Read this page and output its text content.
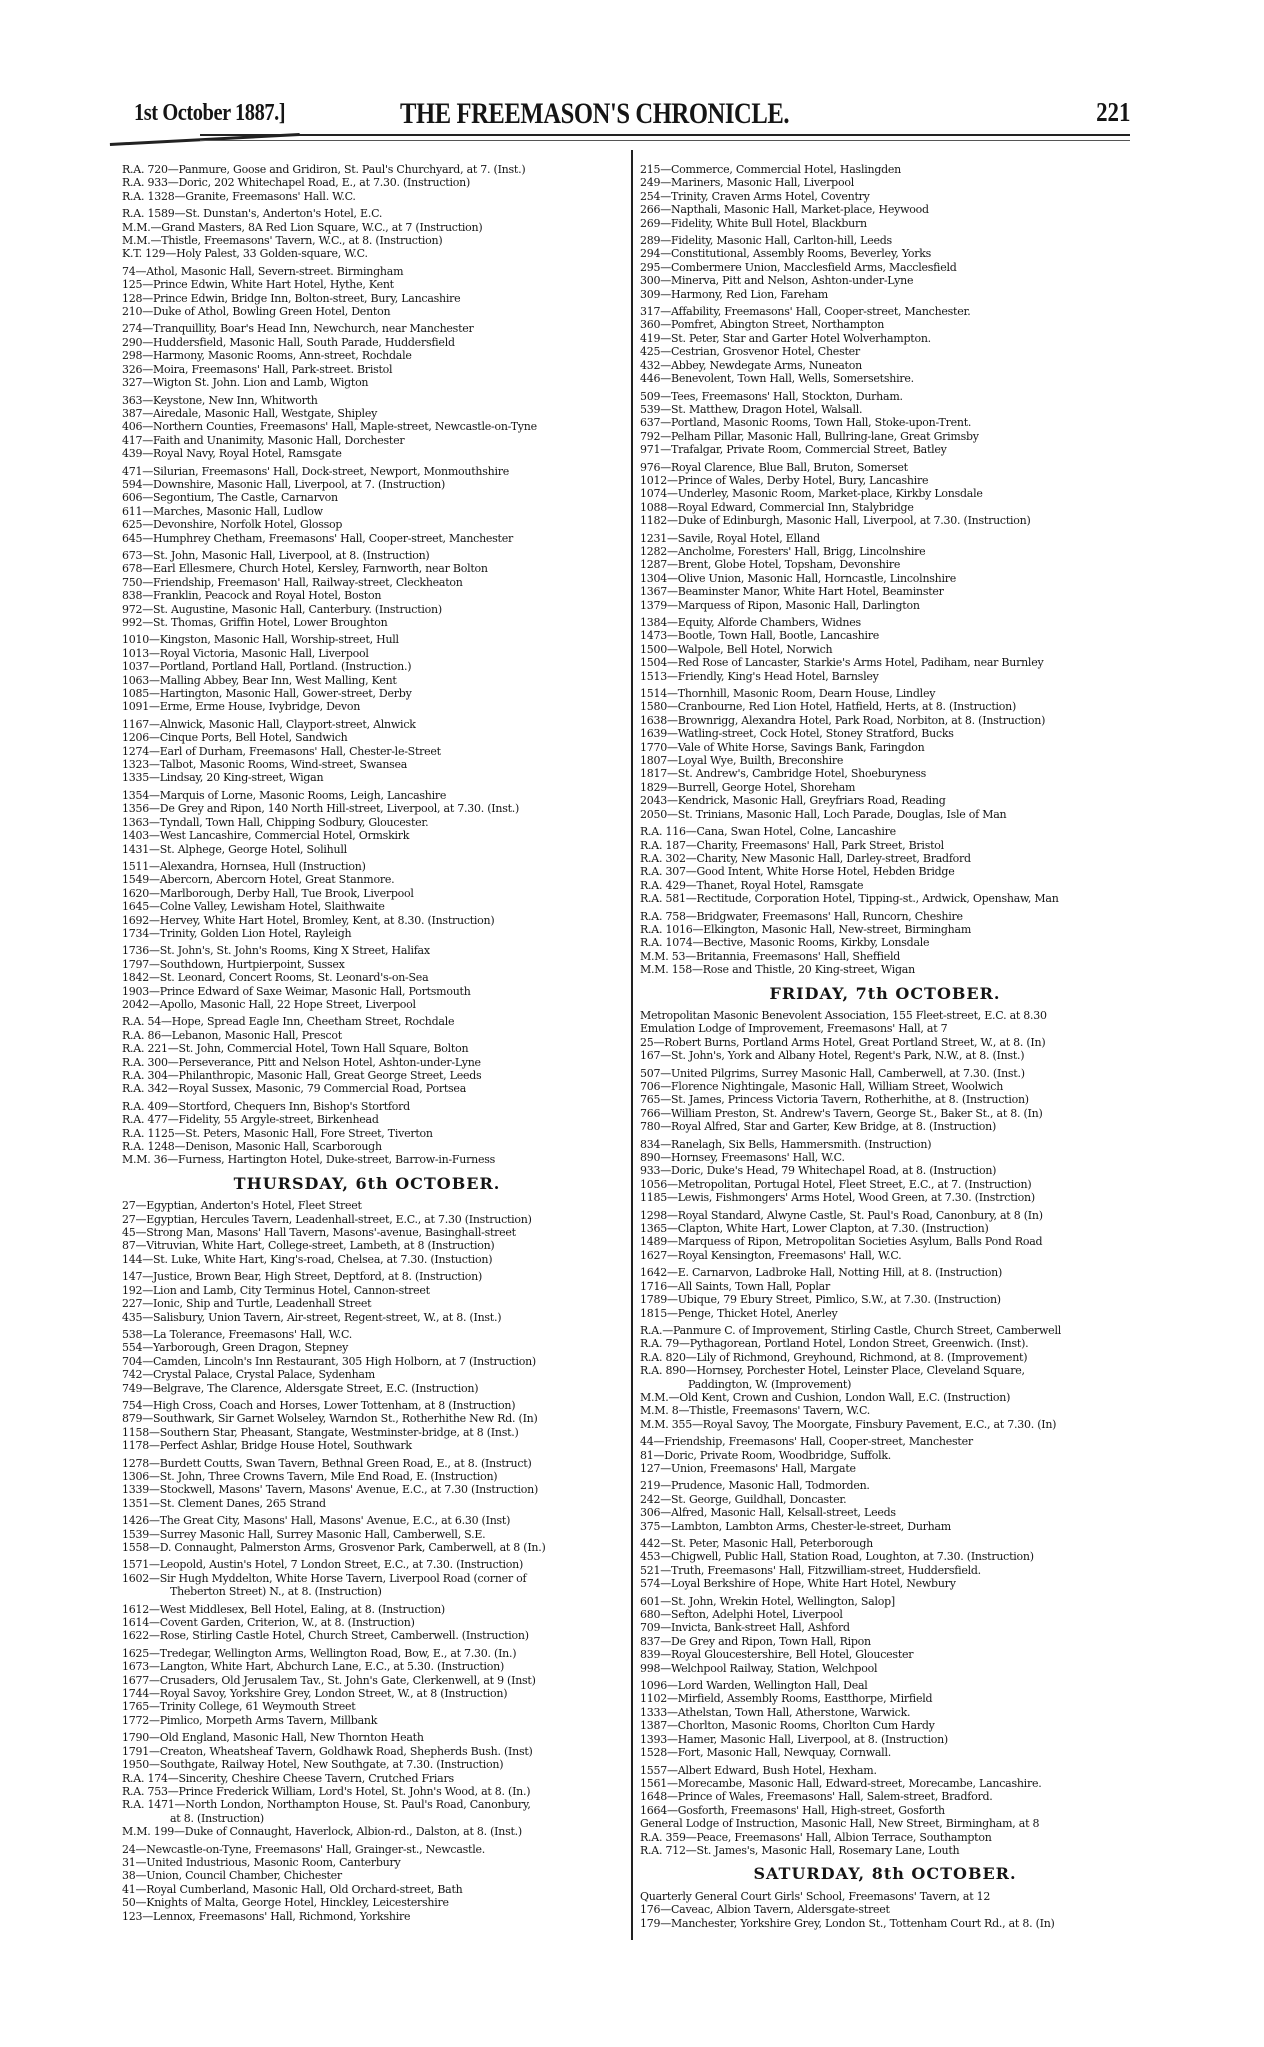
1st October 1887.]	THE FREEMASON'S CHRONICLE.	221
R.A. 720—Panmure, Goose and Gridiron, St. Paul's Churchyard, at 7. (Inst.)
R.A. 933—Doric, 202 Whitechapel Road, E., at 7.30. (Instruction)
R.A. 1328—Granite, Freemasons' Hall. W.C.
R.A. 1589—St. Dunstan's, Anderton's Hotel, E.C.
M.M.—Grand Masters, 8A Red Lion Square, W.C., at 7 (Instruction)
M.M.—Thistle, Freemasons' Tavern, W.C., at 8. (Instruction)
K.T. 129—Holy Palest, 33 Golden-square, W.C.
74—Athol, Masonic Hall, Severn-street. Birmingham
125—Prince Edwin, White Hart Hotel, Hythe, Kent
128—Prince Edwin, Bridge Inn, Bolton-street, Bury, Lancashire
210—Duke of Athol, Bowling Green Hotel, Denton
274—Tranquillity, Boar's Head Inn, Newchurch, near Manchester
290—Huddersfield, Masonic Hall, South Parade, Huddersfield
298—Harmony, Masonic Rooms, Ann-street, Rochdale
326—Moira, Freemasons' Hall, Park-street. Bristol
327—Wigton St. John. Lion and Lamb, Wigton
363—Keystone, New Inn, Whitworth
387—Airedale, Masonic Hall, Westgate, Shipley
406—Northern Counties, Freemasons' Hall, Maple-street, Newcastle-on-Tyne
417—Faith and Unanimity, Masonic Hall, Dorchester
439—Royal Navy, Royal Hotel, Ramsgate
471—Silurian, Freemasons' Hall, Dock-street, Newport, Monmouthshire
594—Downshire, Masonic Hall, Liverpool, at 7. (Instruction)
606—Segontium, The Castle, Carnarvon
611—Marches, Masonic Hall, Ludlow
625—Devonshire, Norfolk Hotel, Glossop
645—Humphrey Chetham, Freemasons' Hall, Cooper-street, Manchester
673—St. John, Masonic Hall, Liverpool, at 8. (Instruction)
678—Earl Ellesmere, Church Hotel, Kersley, Farnworth, near Bolton
750—Friendship, Freemason' Hall, Railway-street, Cleckheaton
838—Franklin, Peacock and Royal Hotel, Boston
972—St. Augustine, Masonic Hall, Canterbury. (Instruction)
992—St. Thomas, Griffin Hotel, Lower Broughton
1010—Kingston, Masonic Hall, Worship-street, Hull
1013—Royal Victoria, Masonic Hall, Liverpool
1037—Portland, Portland Hall, Portland. (Instruction.)
1063—Malling Abbey, Bear Inn, West Malling, Kent
1085—Hartington, Masonic Hall, Gower-street, Derby
1091—Erme, Erme House, Ivybridge, Devon
1167—Alnwick, Masonic Hall, Clayport-street, Alnwick
1206—Cinque Ports, Bell Hotel, Sandwich
1274—Earl of Durham, Freemasons' Hall, Chester-le-Street
1323—Talbot, Masonic Rooms, Wind-street, Swansea
1335—Lindsay, 20 King-street, Wigan
1354—Marquis of Lorne, Masonic Rooms, Leigh, Lancashire
1356—De Grey and Ripon, 140 North Hill-street, Liverpool, at 7.30. (Inst.)
1363—Tyndall, Town Hall, Chipping Sodbury, Gloucester.
1403—West Lancashire, Commercial Hotel, Ormskirk
1431—St. Alphege, George Hotel, Solihull
1511—Alexandra, Hornsea, Hull (Instruction)
1549—Abercorn, Abercorn Hotel, Great Stanmore.
1620—Marlborough, Derby Hall, Tue Brook, Liverpool
1645—Colne Valley, Lewisham Hotel, Slaithwaite
1692—Hervey, White Hart Hotel, Bromley, Kent, at 8.30. (Instruction)
1734—Trinity, Golden Lion Hotel, Rayleigh
1736—St. John's, St. John's Rooms, King X Street, Halifax
1797—Southdown, Hurtpierpoint, Sussex
1842—St. Leonard, Concert Rooms, St. Leonard's-on-Sea
1903—Prince Edward of Saxe Weimar, Masonic Hall, Portsmouth
2042—Apollo, Masonic Hall, 22 Hope Street, Liverpool
R.A. 54—Hope, Spread Eagle Inn, Cheetham Street, Rochdale
R.A. 86—Lebanon, Masonic Hall, Prescot
R.A. 221—St. John, Commercial Hotel, Town Hall Square, Bolton
R.A. 300—Perseverance, Pitt and Nelson Hotel, Ashton-under-Lyne
R.A. 304—Philanthropic, Masonic Hall, Great George Street, Leeds
R.A. 342—Royal Sussex, Masonic, 79 Commercial Road, Portsea
R.A. 409—Stortford, Chequers Inn, Bishop's Stortford
R.A. 477—Fidelity, 55 Argyle-street, Birkenhead
R.A. 1125—St. Peters, Masonic Hall, Fore Street, Tiverton
R.A. 1248—Denison, Masonic Hall, Scarborough
M.M. 36—Furness, Hartington Hotel, Duke-street, Barrow-in-Furness
THURSDAY, 6th OCTOBER.
27—Egyptian, Anderton's Hotel, Fleet Street
27—Egyptian, Hercules Tavern, Leadenhall-street, E.C., at 7.30 (Instruction)
45—Strong Man, Masons' Hall Tavern, Masons'-avenue, Basinghall-street
87—Vitruvian, White Hart, College-street, Lambeth, at 8 (Instruction)
144—St. Luke, White Hart, King's-road, Chelsea, at 7.30. (Instuction)
147—Justice, Brown Bear, High Street, Deptford, at 8. (Instruction)
192—Lion and Lamb, City Terminus Hotel, Cannon-street
227—Ionic, Ship and Turtle, Leadenhall Street
435—Salisbury, Union Tavern, Air-street, Regent-street, W., at 8. (Inst.)
538—La Tolerance, Freemasons' Hall, W.C.
554—Yarborough, Green Dragon, Stepney
704—Camden, Lincoln's Inn Restaurant, 305 High Holborn, at 7 (Instruction)
742—Crystal Palace, Crystal Palace, Sydenham
749—Belgrave, The Clarence, Aldersgate Street, E.C. (Instruction)
754—High Cross, Coach and Horses, Lower Tottenham, at 8 (Instruction)
879—Southwark, Sir Garnet Wolseley, Warndon St., Rotherhithe New Rd. (In)
1158—Southern Star, Pheasant, Stangate, Westminster-bridge, at 8 (Inst.)
1178—Perfect Ashlar, Bridge House Hotel, Southwark
1278—Burdett Coutts, Swan Tavern, Bethnal Green Road, E., at 8. (Instruct)
1306—St. John, Three Crowns Tavern, Mile End Road, E. (Instruction)
1339—Stockwell, Masons' Tavern, Masons' Avenue, E.C., at 7.30 (Instruction)
1351—St. Clement Danes, 265 Strand
1426—The Great City, Masons' Hall, Masons' Avenue, E.C., at 6.30 (Inst)
1539—Surrey Masonic Hall, Surrey Masonic Hall, Camberwell, S.E.
1558—D. Connaught, Palmerston Arms, Grosvenor Park, Camberwell, at 8 (In.)
1571—Leopold, Austin's Hotel, 7 London Street, E.C., at 7.30. (Instruction)
1602—Sir Hugh Myddelton, White Horse Tavern, Liverpool Road (corner of
Theberton Street) N., at 8. (Instruction)
1612—West Middlesex, Bell Hotel, Ealing, at 8. (Instruction)
1614—Covent Garden, Criterion, W., at 8. (Instruction)
1622—Rose, Stirling Castle Hotel, Church Street, Camberwell. (Instruction)
1625—Tredegar, Wellington Arms, Wellington Road, Bow, E., at 7.30. (In.)
1673—Langton, White Hart, Abchurch Lane, E.C., at 5.30. (Instruction)
1677—Crusaders, Old Jerusalem Tav., St. John's Gate, Clerkenwell, at 9 (Inst)
1744—Royal Savoy, Yorkshire Grey, London Street, W., at 8 (Instruction)
1765—Trinity College, 61 Weymouth Street
1772—Pimlico, Morpeth Arms Tavern, Millbank
1790—Old England, Masonic Hall, New Thornton Heath
1791—Creaton, Wheatsheaf Tavern, Goldhawk Road, Shepherds Bush. (Inst)
1950—Southgate, Railway Hotel, New Southgate, at 7.30. (Instruction)
R.A. 174—Sincerity, Cheshire Cheese Tavern, Crutched Friars
R.A. 753—Prince Frederick William, Lord's Hotel, St. John's Wood, at 8. (In.)
R.A. 1471—North London, Northampton House, St. Paul's Road, Canonbury,
at 8. (Instruction)
M.M. 199—Duke of Connaught, Haverlock, Albion-rd., Dalston, at 8. (Inst.)
24—Newcastle-on-Tyne, Freemasons' Hall, Grainger-st., Newcastle.
31—United Industrious, Masonic Room, Canterbury
38—Union, Council Chamber, Chichester
41—Royal Cumberland, Masonic Hall, Old Orchard-street, Bath
50—Knights of Malta, George Hotel, Hinckley, Leicestershire
123—Lennox, Freemasons' Hall, Richmond, Yorkshire
215—Commerce, Commercial Hotel, Haslingden
249—Mariners, Masonic Hall, Liverpool
254—Trinity, Craven Arms Hotel, Coventry
266—Napthali, Masonic Hall, Market-place, Heywood
269—Fidelity, White Bull Hotel, Blackburn
289—Fidelity, Masonic Hall, Carlton-hill, Leeds
294—Constitutional, Assembly Rooms, Beverley, Yorks
295—Combermere Union, Macclesfield Arms, Macclesfield
300—Minerva, Pitt and Nelson, Ashton-under-Lyne
309—Harmony, Red Lion, Fareham
317—Affability, Freemasons' Hall, Cooper-street, Manchester.
360—Pomfret, Abington Street, Northampton
419—St. Peter, Star and Garter Hotel Wolverhampton.
425—Cestrian, Grosvenor Hotel, Chester
432—Abbey, Newdegate Arms, Nuneaton
446—Benevolent, Town Hall, Wells, Somersetshire.
509—Tees, Freemasons' Hall, Stockton, Durham.
539—St. Matthew, Dragon Hotel, Walsall.
637—Portland, Masonic Rooms, Town Hall, Stoke-upon-Trent.
792—Pelham Pillar, Masonic Hall, Bullring-lane, Great Grimsby
971—Trafalgar, Private Room, Commercial Street, Batley
976—Royal Clarence, Blue Ball, Bruton, Somerset
1012—Prince of Wales, Derby Hotel, Bury, Lancashire
1074—Underley, Masonic Room, Market-place, Kirkby Lonsdale
1088—Royal Edward, Commercial Inn, Stalybridge
1182—Duke of Edinburgh, Masonic Hall, Liverpool, at 7.30. (Instruction)
1231—Savile, Royal Hotel, Elland
1282—Ancholme, Foresters' Hall, Brigg, Lincolnshire
1287—Brent, Globe Hotel, Topsham, Devonshire
1304—Olive Union, Masonic Hall, Horncastle, Lincolnshire
1367—Beaminster Manor, White Hart Hotel, Beaminster
1379—Marquess of Ripon, Masonic Hall, Darlington
1384—Equity, Alforde Chambers, Widnes
1473—Bootle, Town Hall, Bootle, Lancashire
1500—Walpole, Bell Hotel, Norwich
1504—Red Rose of Lancaster, Starkie's Arms Hotel, Padiham, near Burnley
1513—Friendly, King's Head Hotel, Barnsley
1514—Thornhill, Masonic Room, Dearn House, Lindley
1580—Cranbourne, Red Lion Hotel, Hatfield, Herts, at 8. (Instruction)
1638—Brownrigg, Alexandra Hotel, Park Road, Norbiton, at 8. (Instruction)
1639—Watling-street, Cock Hotel, Stoney Stratford, Bucks
1770—Vale of White Horse, Savings Bank, Faringdon
1807—Loyal Wye, Builth, Breconshire
1817—St. Andrew's, Cambridge Hotel, Shoeburyness
1829—Burrell, George Hotel, Shoreham
2043—Kendrick, Masonic Hall, Greyfriars Road, Reading
2050—St. Trinians, Masonic Hall, Loch Parade, Douglas, Isle of Man
R.A. 116—Cana, Swan Hotel, Colne, Lancashire
R.A. 187—Charity, Freemasons' Hall, Park Street, Bristol
R.A. 302—Charity, New Masonic Hall, Darley-street, Bradford
R.A. 307—Good Intent, White Horse Hotel, Hebden Bridge
R.A. 429—Thanet, Royal Hotel, Ramsgate
R.A. 581—Rectitude, Corporation Hotel, Tipping-st., Ardwick, Openshaw, Man
R.A. 758—Bridgwater, Freemasons' Hall, Runcorn, Cheshire
R.A. 1016—Elkington, Masonic Hall, New-street, Birmingham
R.A. 1074—Bective, Masonic Rooms, Kirkby, Lonsdale
M.M. 53—Britannia, Freemasons' Hall, Sheffield
M.M. 158—Rose and Thistle, 20 King-street, Wigan
FRIDAY, 7th OCTOBER.
Metropolitan Masonic Benevolent Association, 155 Fleet-street, E.C. at 8.30
Emulation Lodge of Improvement, Freemasons' Hall, at 7
25—Robert Burns, Portland Arms Hotel, Great Portland Street, W., at 8. (In)
167—St. John's, York and Albany Hotel, Regent's Park, N.W., at 8. (Inst.)
507—United Pilgrims, Surrey Masonic Hall, Camberwell, at 7.30. (Inst.)
706—Florence Nightingale, Masonic Hall, William Street, Woolwich
765—St. James, Princess Victoria Tavern, Rotherhithe, at 8. (Instruction)
766—William Preston, St. Andrew's Tavern, George St., Baker St., at 8. (In)
780—Royal Alfred, Star and Garter, Kew Bridge, at 8. (Instruction)
834—Ranelagh, Six Bells, Hammersmith. (Instruction)
890—Hornsey, Freemasons' Hall, W.C.
933—Doric, Duke's Head, 79 Whitechapel Road, at 8. (Instruction)
1056—Metropolitan, Portugal Hotel, Fleet Street, E.C., at 7. (Instruction)
1185—Lewis, Fishmongers' Arms Hotel, Wood Green, at 7.30. (Instrction)
1298—Royal Standard, Alwyne Castle, St. Paul's Road, Canonbury, at 8 (In)
1365—Clapton, White Hart, Lower Clapton, at 7.30. (Instruction)
1489—Marquess of Ripon, Metropolitan Societies Asylum, Balls Pond Road
1627—Royal Kensington, Freemasons' Hall, W.C.
1642—E. Carnarvon, Ladbroke Hall, Notting Hill, at 8. (Instruction)
1716—All Saints, Town Hall, Poplar
1789—Ubique, 79 Ebury Street, Pimlico, S.W., at 7.30. (Instruction)
1815—Penge, Thicket Hotel, Anerley
R.A.—Panmure C. of Improvement, Stirling Castle, Church Street, Camberwell
R.A. 79—Pythagorean, Portland Hotel, London Street, Greenwich. (Inst).
R.A. 820—Lily of Richmond, Greyhound, Richmond, at 8. (Improvement)
R.A. 890—Hornsey, Porchester Hotel, Leinster Place, Cleveland Square,
Paddington, W. (Improvement)
M.M.—Old Kent, Crown and Cushion, London Wall, E.C. (Instruction)
M.M. 8—Thistle, Freemasons' Tavern, W.C.
M.M. 355—Royal Savoy, The Moorgate, Finsbury Pavement, E.C., at 7.30. (In)
44—Friendship, Freemasons' Hall, Cooper-street, Manchester
81—Doric, Private Room, Woodbridge, Suffolk.
127—Union, Freemasons' Hall, Margate
219—Prudence, Masonic Hall, Todmorden.
242—St. George, Guildhall, Doncaster.
306—Alfred, Masonic Hall, Kelsall-street, Leeds
375—Lambton, Lambton Arms, Chester-le-street, Durham
442—St. Peter, Masonic Hall, Peterborough
453—Chigwell, Public Hall, Station Road, Loughton, at 7.30. (Instruction)
521—Truth, Freemasons' Hall, Fitzwilliam-street, Huddersfield.
574—Loyal Berkshire of Hope, White Hart Hotel, Newbury
601—St. John, Wrekin Hotel, Wellington, Salop]
680—Sefton, Adelphi Hotel, Liverpool
709—Invicta, Bank-street Hall, Ashford
837—De Grey and Ripon, Town Hall, Ripon
839—Royal Gloucestershire, Bell Hotel, Gloucester
998—Welchpool Railway, Station, Welchpool
1096—Lord Warden, Wellington Hall, Deal
1102—Mirfield, Assembly Rooms, Eastthorpe, Mirfield
1333—Athelstan, Town Hall, Atherstone, Warwick.
1387—Chorlton, Masonic Rooms, Chorlton Cum Hardy
1393—Hamer, Masonic Hall, Liverpool, at 8. (Instruction)
1528—Fort, Masonic Hall, Newquay, Cornwall.
1557—Albert Edward, Bush Hotel, Hexham.
1561—Morecambe, Masonic Hall, Edward-street, Morecambe, Lancashire.
1648—Prince of Wales, Freemasons' Hall, Salem-street, Bradford.
1664—Gosforth, Freemasons' Hall, High-street, Gosforth
General Lodge of Instruction, Masonic Hall, New Street, Birmingham, at 8
R.A. 359—Peace, Freemasons' Hall, Albion Terrace, Southampton
R.A. 712—St. James's, Masonic Hall, Rosemary Lane, Louth
SATURDAY, 8th OCTOBER.
Quarterly General Court Girls' School, Freemasons' Tavern, at 12
176—Caveac, Albion Tavern, Aldersgate-street
179—Manchester, Yorkshire Grey, London St., Tottenham Court Rd., at 8. (In)
